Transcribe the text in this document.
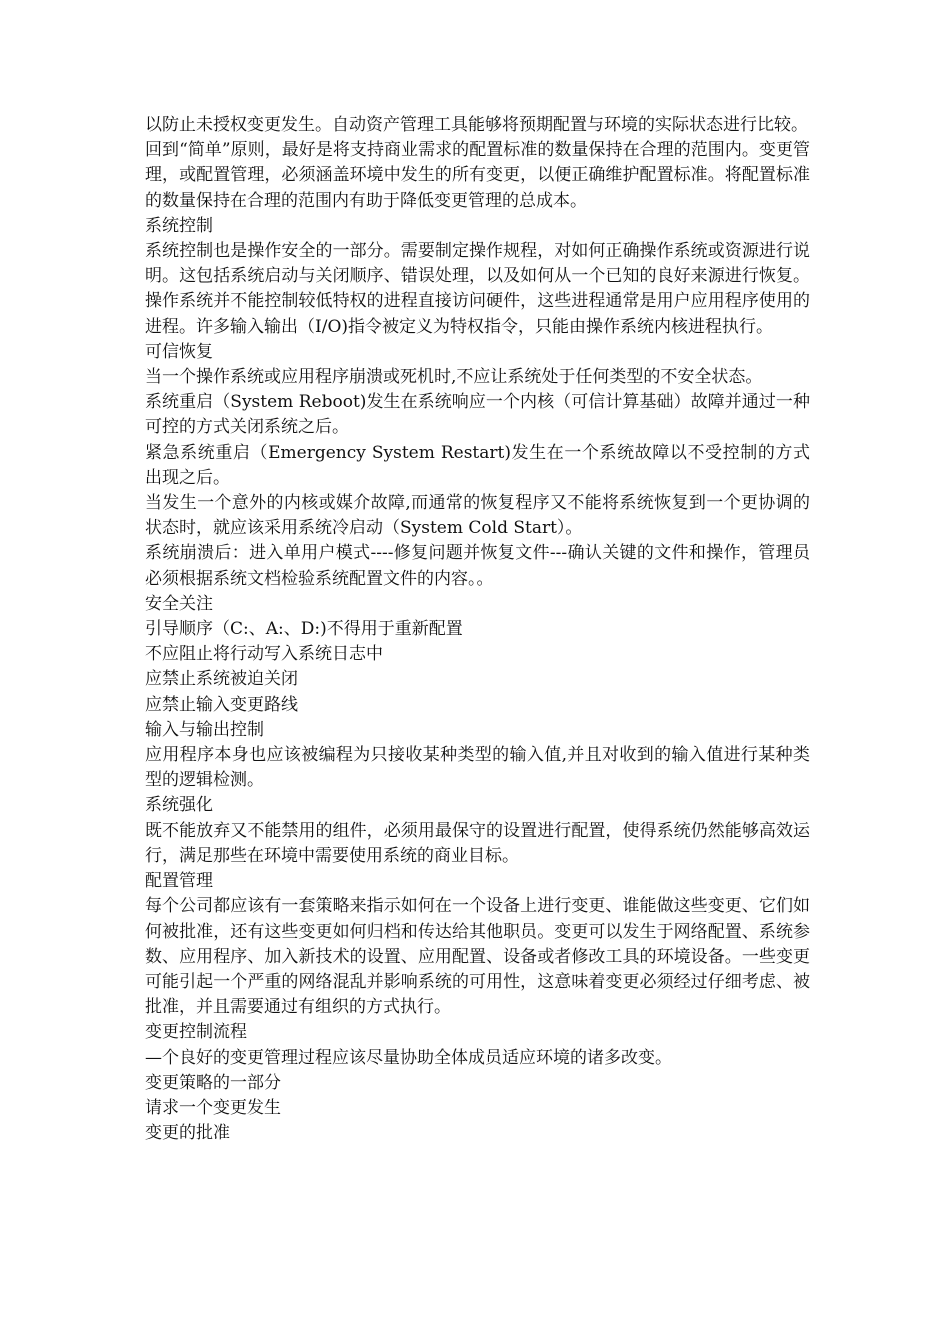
以防止未授权变更发生。自动资产管理工具能够将预期配置与环境的实际状态进行比较。

回到“简单”原则，最好是将支持商业需求的配置标准的数量保持在合理的范围内。变更管理，或配置管理，必须涵盖环境中发生的所有变更，以便正确维护配置标准。将配置标准的数量保持在合理的范围内有助于降低变更管理的总成本。

系统控制

系统控制也是操作安全的一部分。需要制定操作规程，对如何正确操作系统或资源进行说明。这包括系统启动与关闭顺序、错误处理，以及如何从一个已知的良好来源进行恢复。操作系统并不能控制较低特权的进程直接访问硬件，这些进程通常是用户应用程序使用的进程。许多输入输出（I/O)指令被定义为特权指令，只能由操作系统内核进程执行。

可信恢复

当一个操作系统或应用程序崩溃或死机时,不应让系统处于任何类型的不安全状态。

系统重启（System Reboot)发生在系统响应一个内核（可信计算基础）故障并通过一种可控的方式关闭系统之后。

紧急系统重启（Emergency System Restart)发生在一个系统故障以不受控制的方式出现之后。

当发生一个意外的内核或媒介故障,而通常的恢复程序又不能将系统恢复到一个更协调的状态时，就应该采用系统冷启动（System Cold Start）。

系统崩溃后：进入单用户模式----修复问题并恢复文件---确认关键的文件和操作，管理员必须根据系统文档检验系统配置文件的内容。。

安全关注

引导顺序（C:、A:、D:)不得用于重新配置

不应阻止将行动写入系统日志中

应禁止系统被迫关闭

应禁止输入变更路线

输入与输出控制

应用程序本身也应该被编程为只接收某种类型的输入值,并且对收到的输入值进行某种类型的逻辑检测。

系统强化

既不能放弃又不能禁用的组件，必须用最保守的设置进行配置，使得系统仍然能够高效运行，满足那些在环境中需要使用系统的商业目标。

配置管理

每个公司都应该有一套策略来指示如何在一个设备上进行变更、谁能做这些变更、它们如何被批准，还有这些变更如何归档和传达给其他职员。变更可以发生于网络配置、系统参数、应用程序、加入新技术的设置、应用配置、设备或者修改工具的环境设备。一些变更可能引起一个严重的网络混乱并影响系统的可用性，这意味着变更必须经过仔细考虑、被批准，并且需要通过有组织的方式执行。

变更控制流程

—个良好的变更管理过程应该尽量协助全体成员适应环境的诸多改变。

变更策略的一部分

请求一个变更发生

变更的批准
